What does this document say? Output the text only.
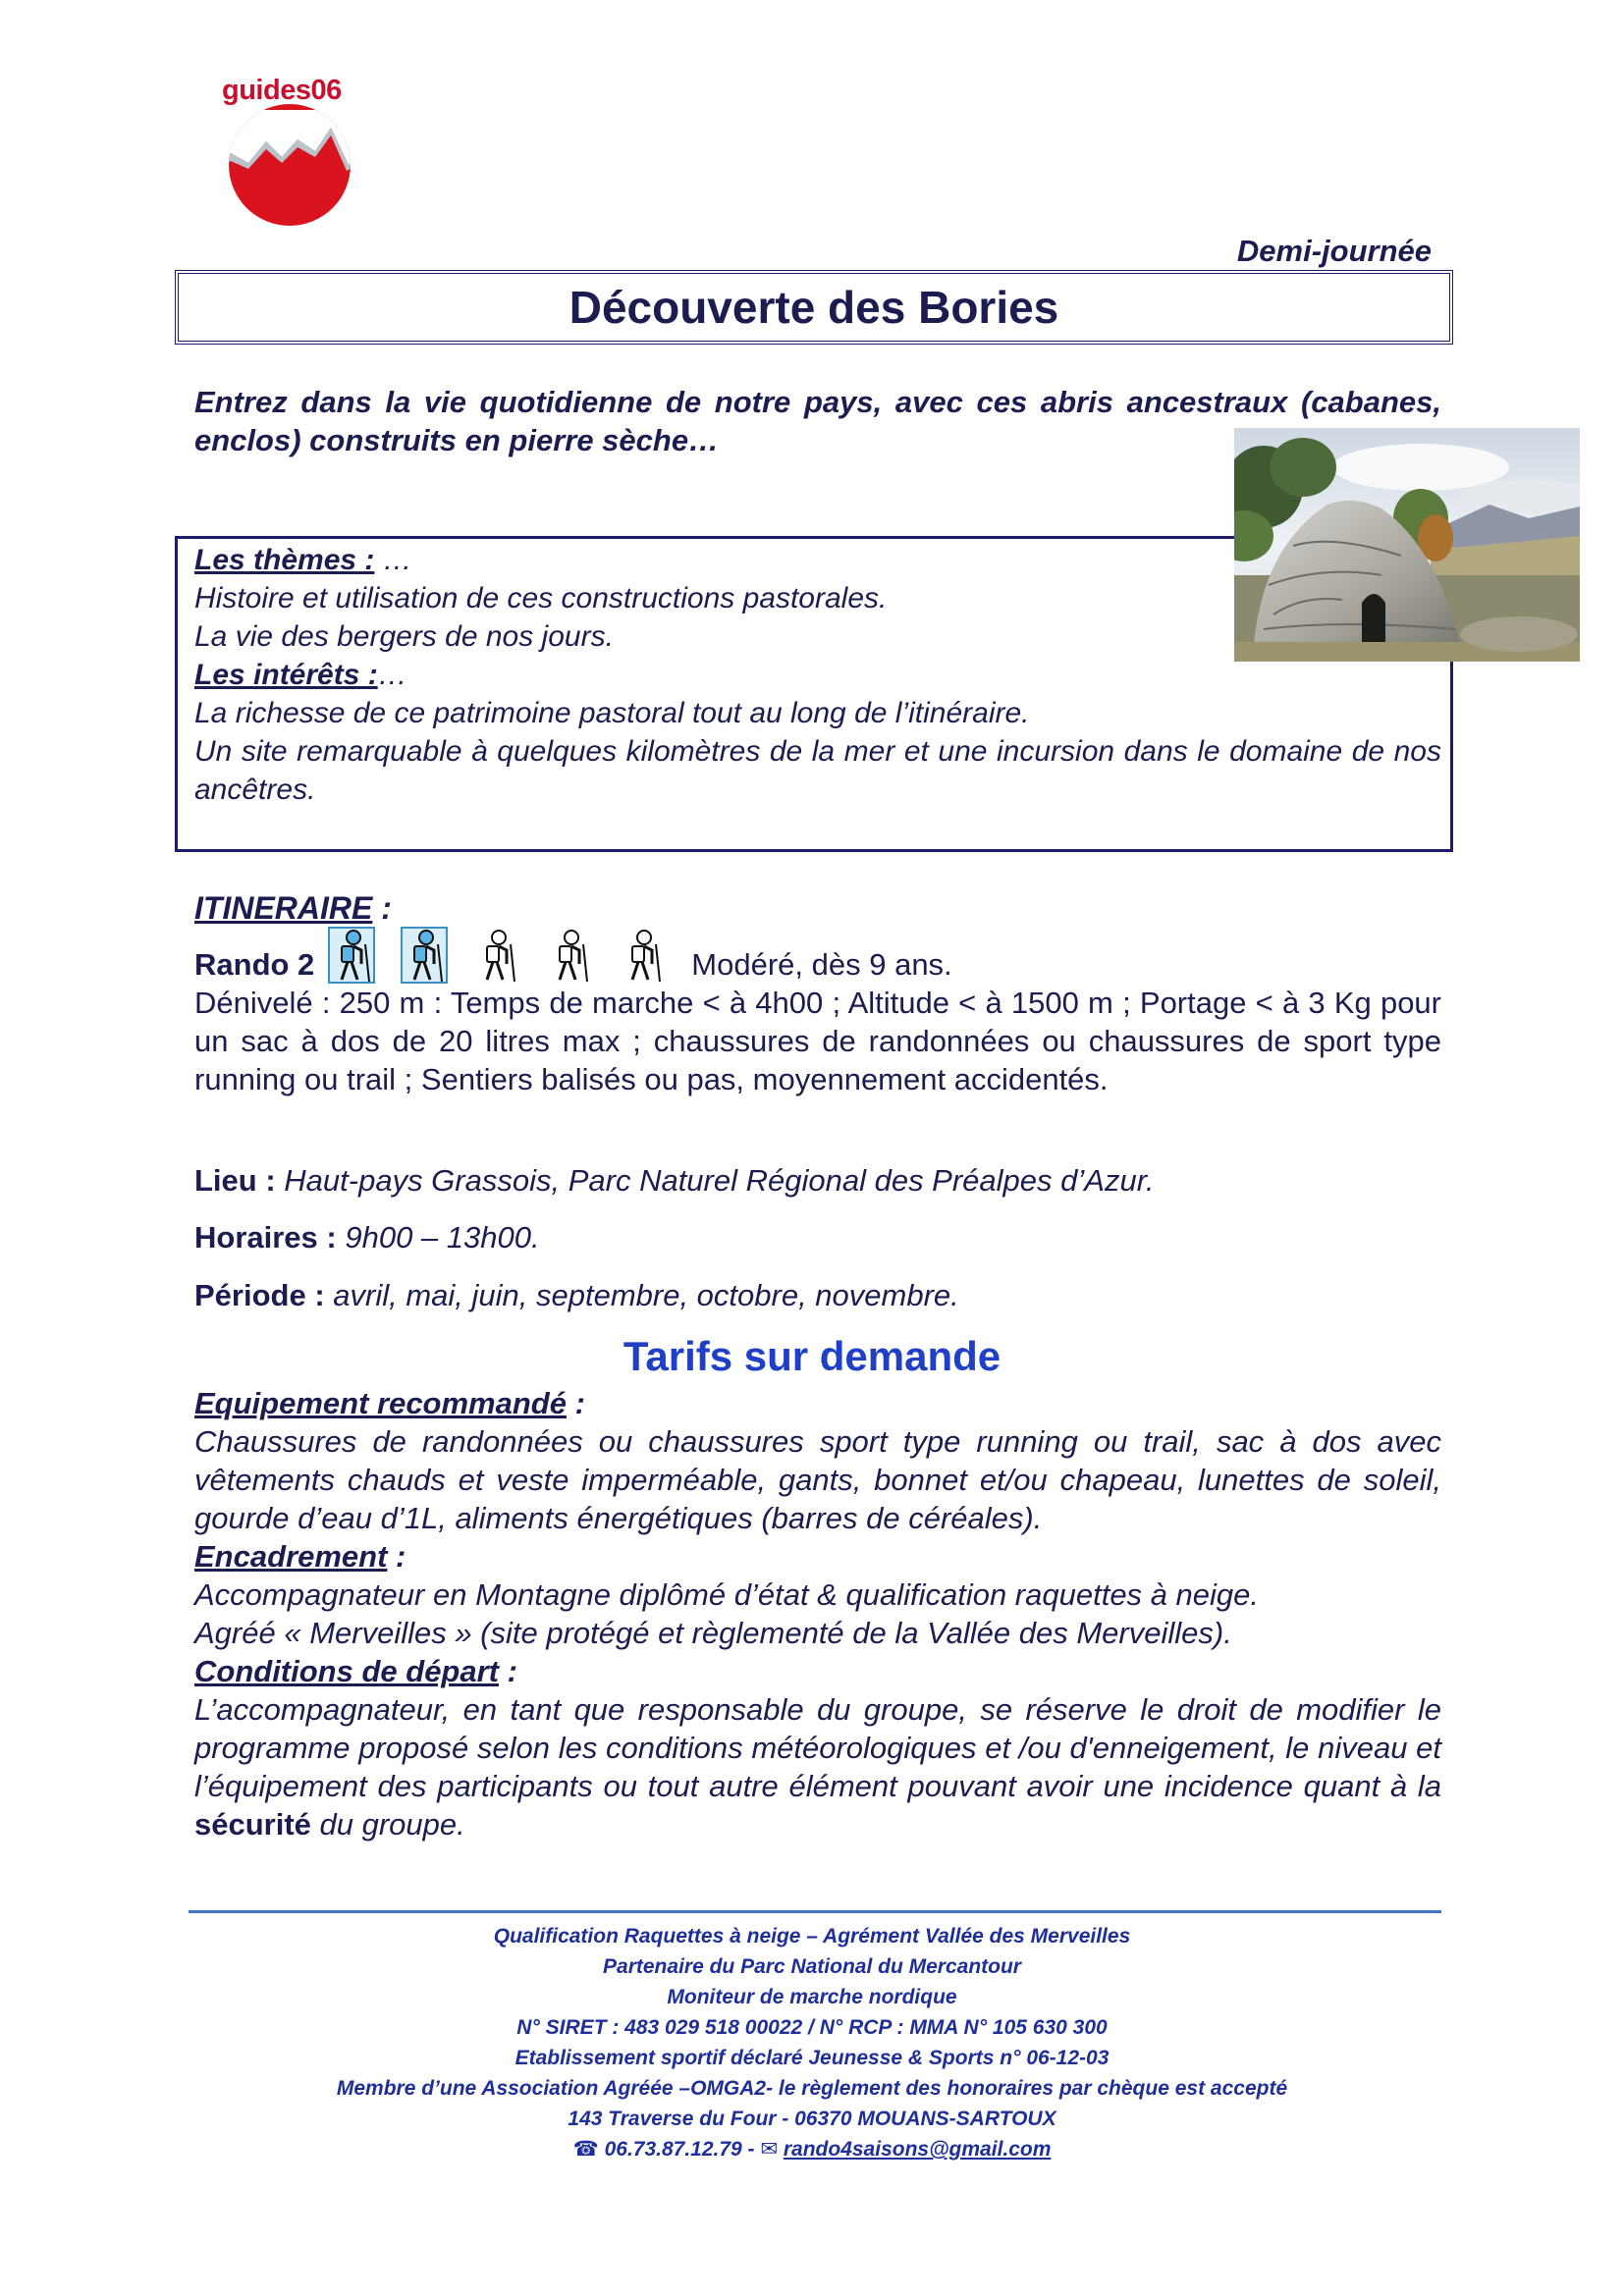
guides06
Demi-journée
Découverte des Bories
Entrez dans la vie quotidienne de notre pays, avec ces abris ancestraux (cabanes, enclos) construits en pierre sèche…
Les thèmes : …
Histoire et utilisation de ces constructions pastorales.
La vie des bergers de nos jours.
Les intérêts :…
La richesse de ce patrimoine pastoral tout au long de l’itinéraire.
Un site remarquable à quelques kilomètres de la mer et une incursion dans le domaine de nos ancêtres.
ITINERAIRE :
Rando 2	Modéré, dès 9 ans.
Dénivelé : 250 m : Temps de marche < à 4h00 ; Altitude < à 1500 m ; Portage < à 3 Kg pour un sac à dos de 20 litres max ; chaussures de randonnées ou chaussures de sport type running ou trail ; Sentiers balisés ou pas, moyennement accidentés.
Lieu : Haut-pays Grassois, Parc Naturel Régional des Préalpes d’Azur.
Horaires : 9h00 – 13h00.
Période : avril, mai, juin, septembre, octobre, novembre.
Tarifs sur demande
Equipement recommandé :
Chaussures de randonnées ou chaussures sport type running ou trail, sac à dos avec vêtements chauds et veste imperméable, gants, bonnet et/ou chapeau, lunettes de soleil, gourde d’eau d’1L, aliments énergétiques (barres de céréales).
Encadrement :
Accompagnateur en Montagne diplômé d’état & qualification raquettes à neige.
Agréé « Merveilles » (site protégé et règlementé de la Vallée des Merveilles).
Conditions de départ :
L’accompagnateur, en tant que responsable du groupe, se réserve le droit de modifier le programme proposé selon les conditions météorologiques et /ou d'enneigement, le niveau et l’équipement des participants ou tout autre élément pouvant avoir une incidence quant à la sécurité du groupe.
Qualification Raquettes à neige – Agrément Vallée des Merveilles
Partenaire du Parc National du Mercantour
Moniteur de marche nordique
N° SIRET : 483 029 518 00022 / N° RCP : MMA N° 105 630 300
Etablissement sportif déclaré Jeunesse & Sports n° 06-12-03
Membre d’une Association Agréée –OMGA2- le règlement des honoraires par chèque est accepté
143 Traverse du Four - 06370 MOUANS-SARTOUX
☎ 06.73.87.12.79 - ✉ rando4saisons@gmail.com
